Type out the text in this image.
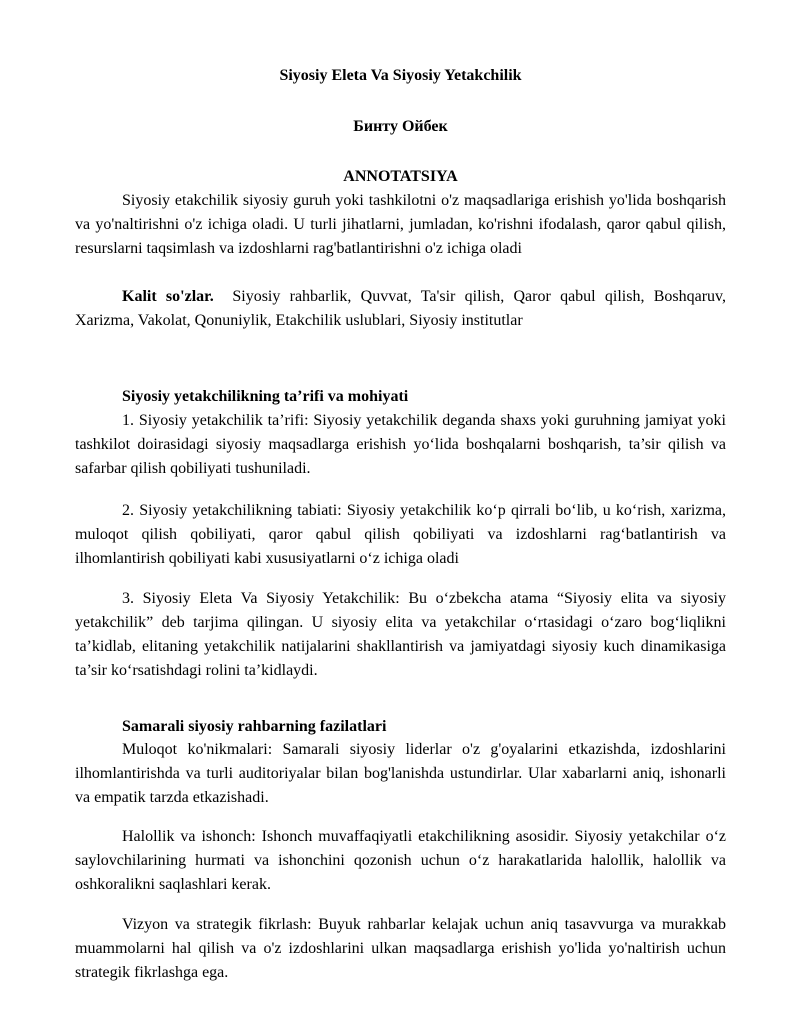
Siyosiy Eleta Va Siyosiy Yetakchilik
Бинту Ойбек
ANNOTATSIYA

Siyosiy etakchilik siyosiy guruh yoki tashkilotni o'z maqsadlariga erishish yo'lida boshqarish va yo'naltirishni o'z ichiga oladi. U turli jihatlarni, jumladan, ko'rishni ifodalash, qaror qabul qilish, resurslarni taqsimlash va izdoshlarni rag'batlantirishni o'z ichiga oladi

Kalit so'zlar. Siyosiy rahbarlik, Quvvat, Ta'sir qilish, Qaror qabul qilish, Boshqaruv, Xarizma, Vakolat, Qonuniylik, Etakchilik uslublari, Siyosiy institutlar

Siyosiy yetakchilikning ta’rifi va mohiyati

1. Siyosiy yetakchilik ta’rifi: Siyosiy yetakchilik deganda shaxs yoki guruhning jamiyat yoki tashkilot doirasidagi siyosiy maqsadlarga erishish yo‘lida boshqalarni boshqarish, ta’sir qilish va safarbar qilish qobiliyati tushuniladi.

2. Siyosiy yetakchilikning tabiati: Siyosiy yetakchilik ko‘p qirrali bo‘lib, u ko‘rish, xarizma, muloqot qilish qobiliyati, qaror qabul qilish qobiliyati va izdoshlarni rag‘batlantirish va ilhomlantirish qobiliyati kabi xususiyatlarni o‘z ichiga oladi

3. Siyosiy Eleta Va Siyosiy Yetakchilik: Bu o‘zbekcha atama “Siyosiy elita va siyosiy yetakchilik” deb tarjima qilingan. U siyosiy elita va yetakchilar o‘rtasidagi o‘zaro bog‘liqlikni ta’kidlab, elitaning yetakchilik natijalarini shakllantirish va jamiyatdagi siyosiy kuch dinamikasiga ta’sir ko‘rsatishdagi rolini ta’kidlaydi.

Samarali siyosiy rahbarning fazilatlari

Muloqot ko'nikmalari: Samarali siyosiy liderlar o'z g'oyalarini etkazishda, izdoshlarini ilhomlantirishda va turli auditoriyalar bilan bog'lanishda ustundirlar. Ular xabarlarni aniq, ishonarli va empatik tarzda etkazishadi.

Halollik va ishonch: Ishonch muvaffaqiyatli etakchilikning asosidir. Siyosiy yetakchilar o‘z saylovchilarining hurmati va ishonchini qozonish uchun o‘z harakatlarida halollik, halollik va oshkoralikni saqlashlari kerak.

Vizyon va strategik fikrlash: Buyuk rahbarlar kelajak uchun aniq tasavvurga va murakkab muammolarni hal qilish va o'z izdoshlarini ulkan maqsadlarga erishish yo'lida yo'naltirish uchun strategik fikrlashga ega.
